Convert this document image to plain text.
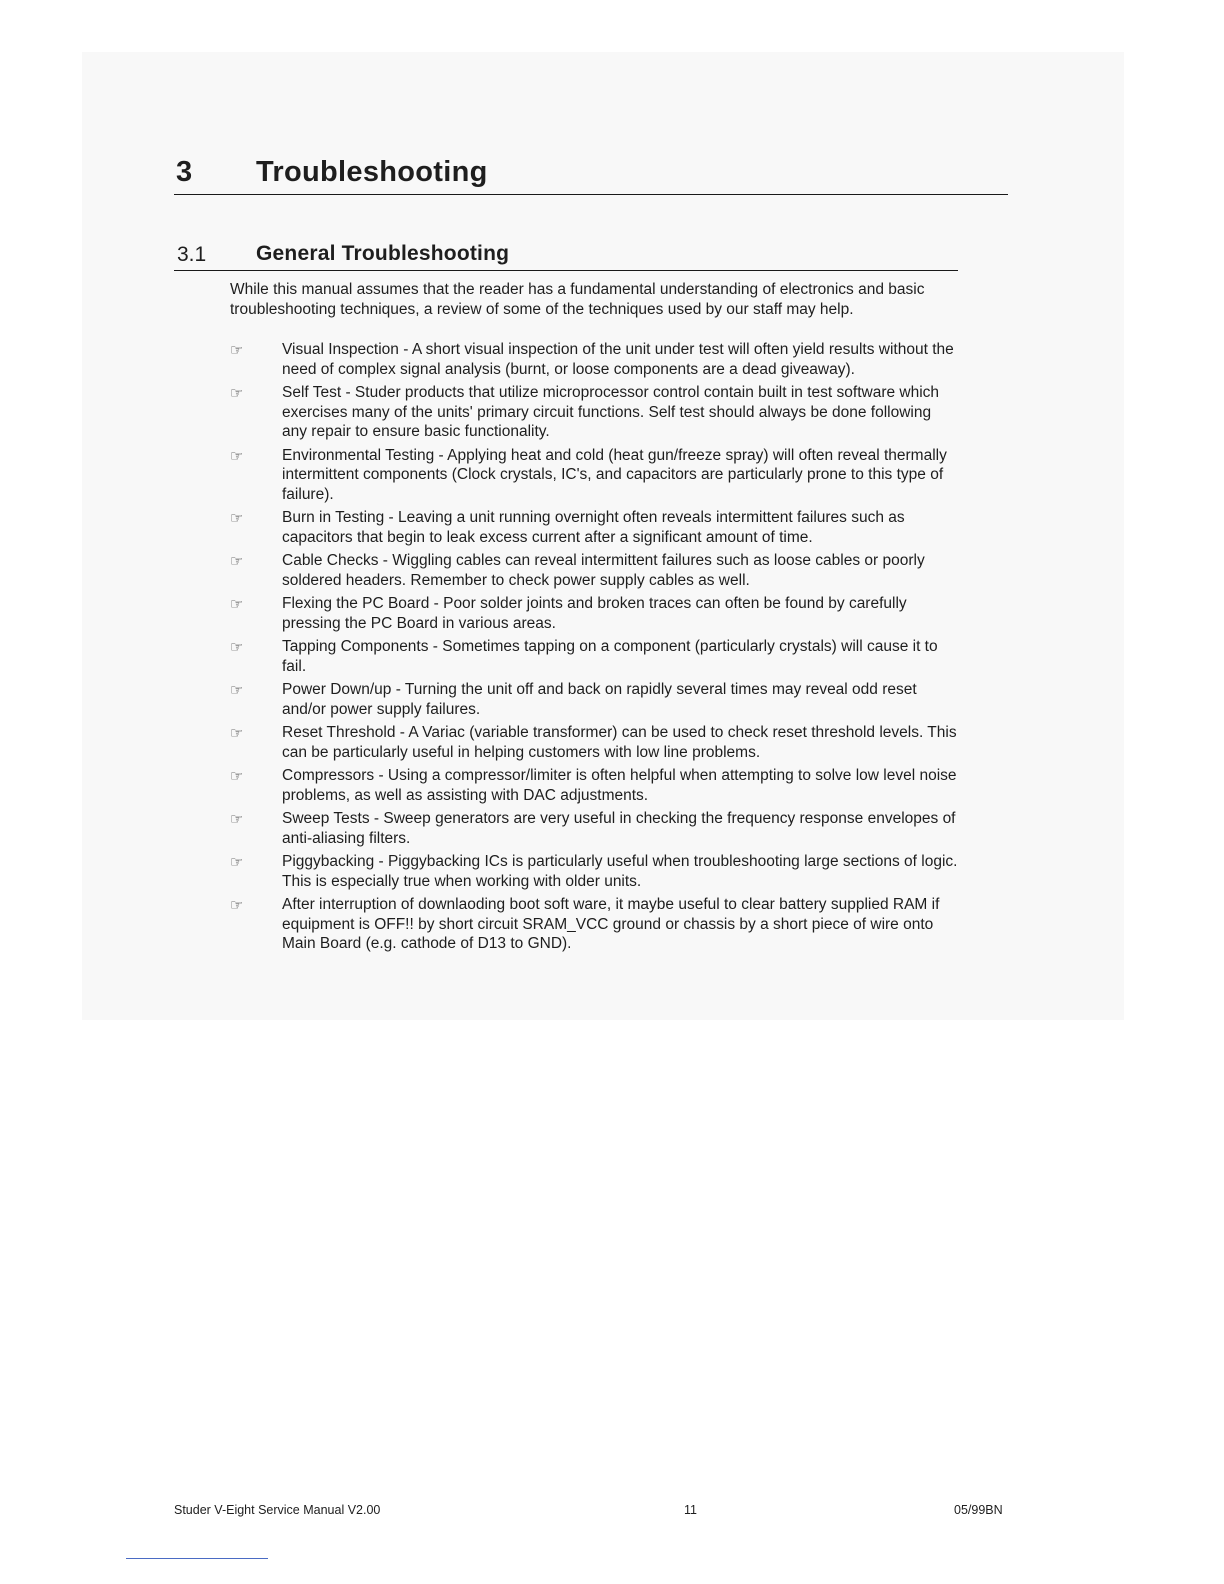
3 Troubleshooting
3.1 General Troubleshooting
While this manual assumes that the reader has a fundamental understanding of electronics and basic troubleshooting techniques, a review of some of the techniques used by our staff may help.
☞ Visual Inspection - A short visual inspection of the unit under test will often yield results without the need of complex signal analysis (burnt, or loose components are a dead giveaway).
☞ Self Test - Studer products that utilize microprocessor control contain built in test software which exercises many of the units' primary circuit functions. Self test should always be done following any repair to ensure basic functionality.
☞ Environmental Testing - Applying heat and cold (heat gun/freeze spray) will often reveal thermally intermittent components (Clock crystals, IC's, and capacitors are particularly prone to this type of failure).
☞ Burn in Testing - Leaving a unit running overnight often reveals intermittent failures such as capacitors that begin to leak excess current after a significant amount of time.
☞ Cable Checks - Wiggling cables can reveal intermittent failures such as loose cables or poorly soldered headers. Remember to check power supply cables as well.
☞ Flexing the PC Board - Poor solder joints and broken traces can often be found by carefully pressing the PC Board in various areas.
☞ Tapping Components - Sometimes tapping on a component (particularly crystals) will cause it to fail.
☞ Power Down/up - Turning the unit off and back on rapidly several times may reveal odd reset and/or power supply failures.
☞ Reset Threshold - A Variac (variable transformer) can be used to check reset threshold levels. This can be particularly useful in helping customers with low line problems.
☞ Compressors - Using a compressor/limiter is often helpful when attempting to solve low level noise problems, as well as assisting with DAC adjustments.
☞ Sweep Tests - Sweep generators are very useful in checking the frequency response envelopes of anti-aliasing filters.
☞ Piggybacking - Piggybacking ICs is particularly useful when troubleshooting large sections of logic. This is especially true when working with older units.
☞ After interruption of downlaoding boot soft ware, it maybe useful to clear battery supplied RAM if equipment is OFF!! by short circuit SRAM_VCC ground or chassis by a short piece of wire onto Main Board (e.g. cathode of D13 to GND).
Studer V-Eight Service Manual V2.00	11	05/99BN
